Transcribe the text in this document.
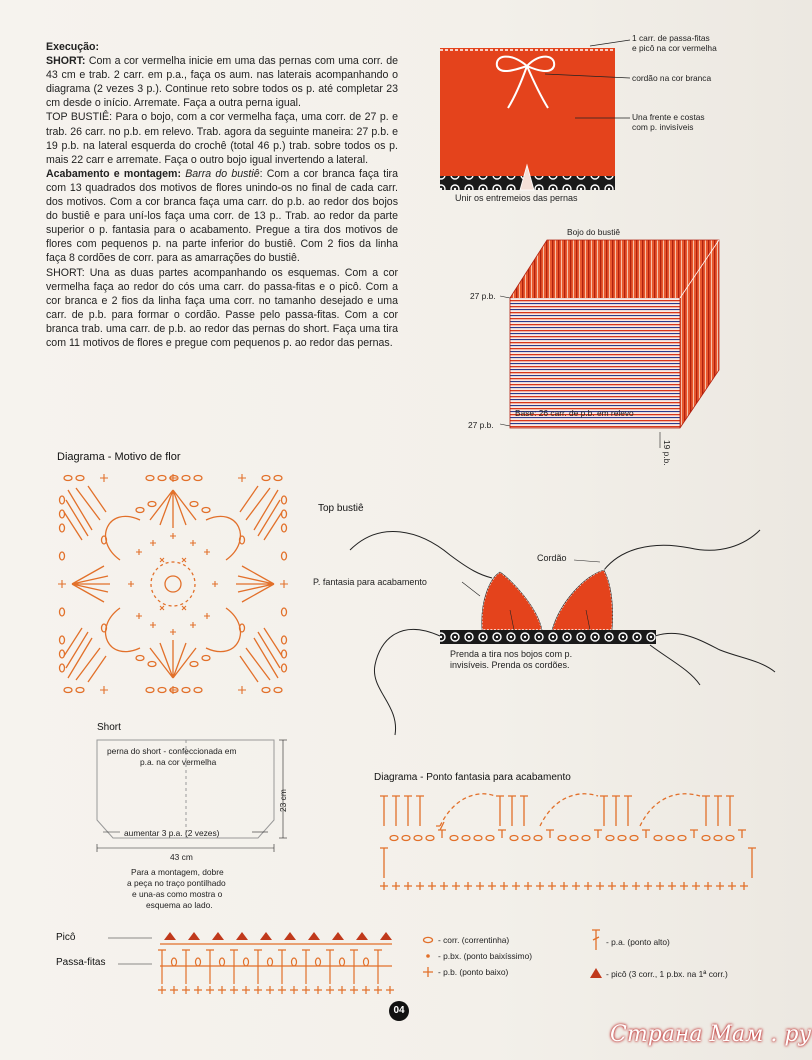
Execução:

SHORT: Com a cor vermelha inicie em uma das pernas com uma corr. de 43 cm e trab. 2 carr. em p.a., faça os aum. nas laterais acompanhando o diagrama (2 vezes 3 p.). Continue reto sobre todos os p. até completar 23 cm desde o início. Arremate. Faça a outra perna igual.

TOP BUSTIÊ: Para o bojo, com a cor vermelha faça, uma corr. de 27 p. e trab. 26 carr. no p.b. em relevo. Trab. agora da seguinte maneira: 27 p.b. e 19 p.b. na lateral esquerda do crochê (total 46 p.) trab. sobre todos os p. mais 22 carr e arremate. Faça o outro bojo igual invertendo a lateral.

Acabamento e montagem: Barra do bustiê: Com a cor branca faça tira com 13 quadrados dos motivos de flores unindo-os no final de cada carr. dos motivos. Com a cor branca faça uma carr. do p.b. ao redor dos bojos do bustiê e para uní-los faça uma corr. de 13 p.. Trab. ao redor da parte superior o p. fantasia para o acabamento. Pregue a tira dos motivos de flores com pequenos p. na parte inferior do bustiê. Com 2 fios da linha faça 8 cordões de corr. para as amarrações do bustiê.

SHORT: Una as duas partes acompanhando os esquemas. Com a cor vermelha faça ao redor do cós uma carr. do passa-fitas e o picô. Com a cor branca e 2 fios da linha faça uma corr. no tamanho desejado e uma carr. de p.b. para formar o cordão. Passe pelo passa-fitas. Com a cor branca trab. uma carr. de p.b. ao redor das pernas do short. Faça uma tira com 11 motivos de flores e pregue com pequenos p. ao redor das pernas.

1 carr. de passa-fitas
e picô na cor vermelha
cordão na cor branca
Una frente e costas
com p. invisíveis
Unir os entremeios das pernas
Bojo do bustiê
27 p.b.
Base: 26 carr. de p.b. em relevo
27 p.b.
19 p.b.
Diagrama - Motivo de flor
Top bustiê
Cordão
P. fantasia para acabamento
Prenda a tira nos bojos com p.
invisíveis. Prenda os cordões.
Short
perna do short - confeccionada em
p.a. na cor vermelha
23 cm
aumentar 3 p.a. (2 vezes)
43 cm
Para a montagem, dobre
a peça no traço pontilhado
e una-as como mostra o
esquema ao lado.
Diagrama - Ponto fantasia para acabamento
Picô
Passa-fitas
- corr. (correntinha)
- p.bx. (ponto baixíssimo)
- p.b. (ponto baixo)
- p.a. (ponto alto)
- picô (3 corr., 1 p.bx. na 1ª corr.)
04
Страна Мам . ру
